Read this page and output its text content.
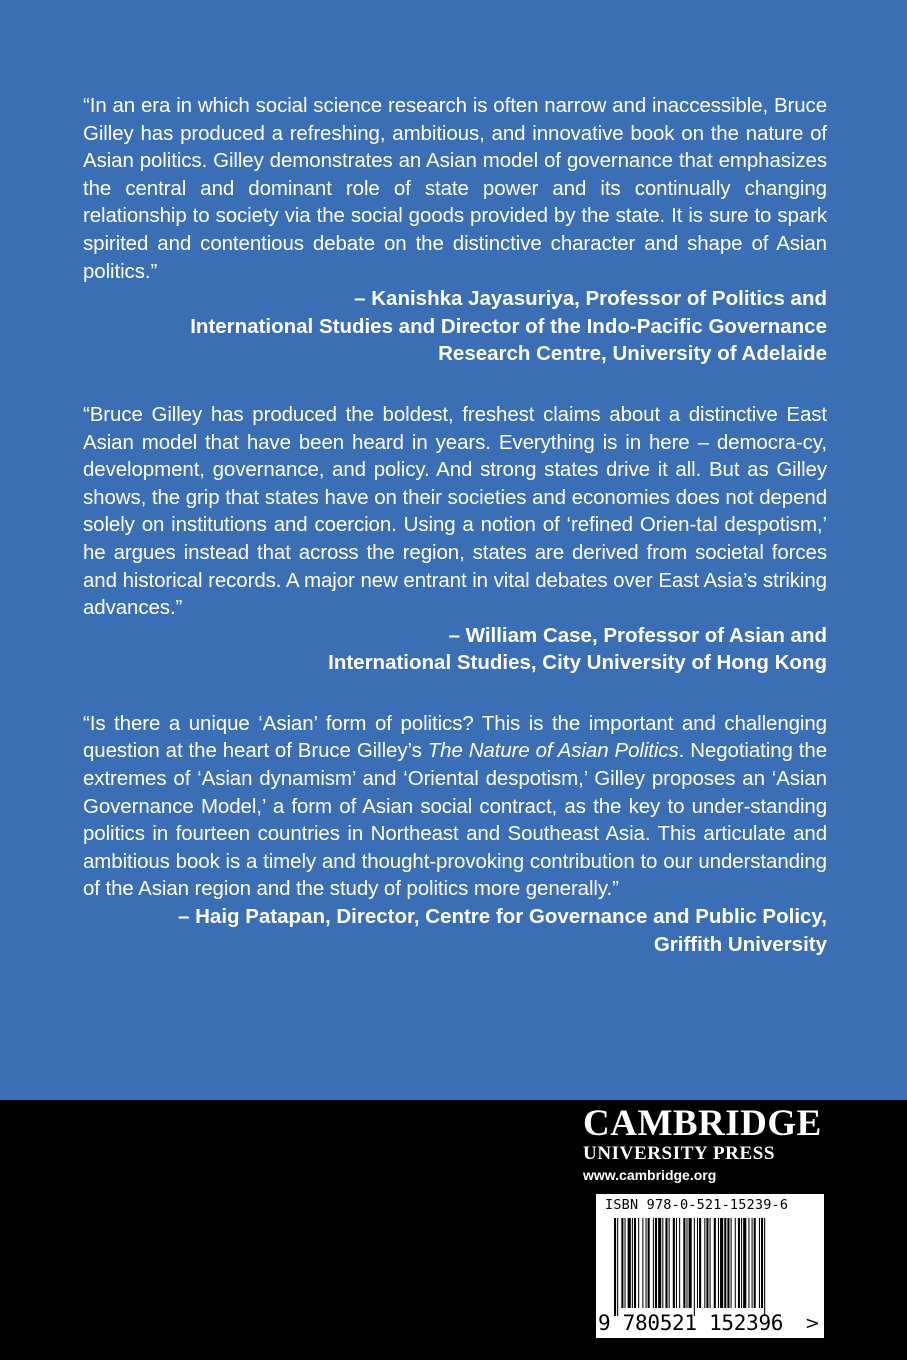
“In an era in which social science research is often narrow and inaccessible, Bruce Gilley has produced a refreshing, ambitious, and innovative book on the nature of Asian politics. Gilley demonstrates an Asian model of governance that emphasizes the central and dominant role of state power and its continually changing relationship to society via the social goods provided by the state. It is sure to spark spirited and contentious debate on the distinctive character and shape of Asian politics.”

– Kanishka Jayasuriya, Professor of Politics and

International Studies and Director of the Indo-Pacific Governance

Research Centre, University of Adelaide

“Bruce Gilley has produced the boldest, freshest claims about a distinctive East Asian model that have been heard in years. Everything is in here – democra-cy, development, governance, and policy. And strong states drive it all. But as Gilley shows, the grip that states have on their societies and economies does not depend solely on institutions and coercion. Using a notion of ‘refined Orien-tal despotism,’ he argues instead that across the region, states are derived from societal forces and historical records. A major new entrant in vital debates over East Asia’s striking advances.”

– William Case, Professor of Asian and

International Studies, City University of Hong Kong

“Is there a unique ‘Asian’ form of politics? This is the important and challenging question at the heart of Bruce Gilley’s The Nature of Asian Politics. Negotiating the extremes of ‘Asian dynamism’ and ‘Oriental despotism,’ Gilley proposes an ‘Asian Governance Model,’ a form of Asian social contract, as the key to under-standing politics in fourteen countries in Northeast and Southeast Asia. This articulate and ambitious book is a timely and thought-provoking contribution to our understanding of the Asian region and the study of politics more generally.”

– Haig Patapan, Director, Centre for Governance and Public Policy,

Griffith University

CAMBRIDGE

UNIVERSITY PRESS

www.cambridge.org

ISBN 978-0-521-15239-6
9 780521 152396 >
